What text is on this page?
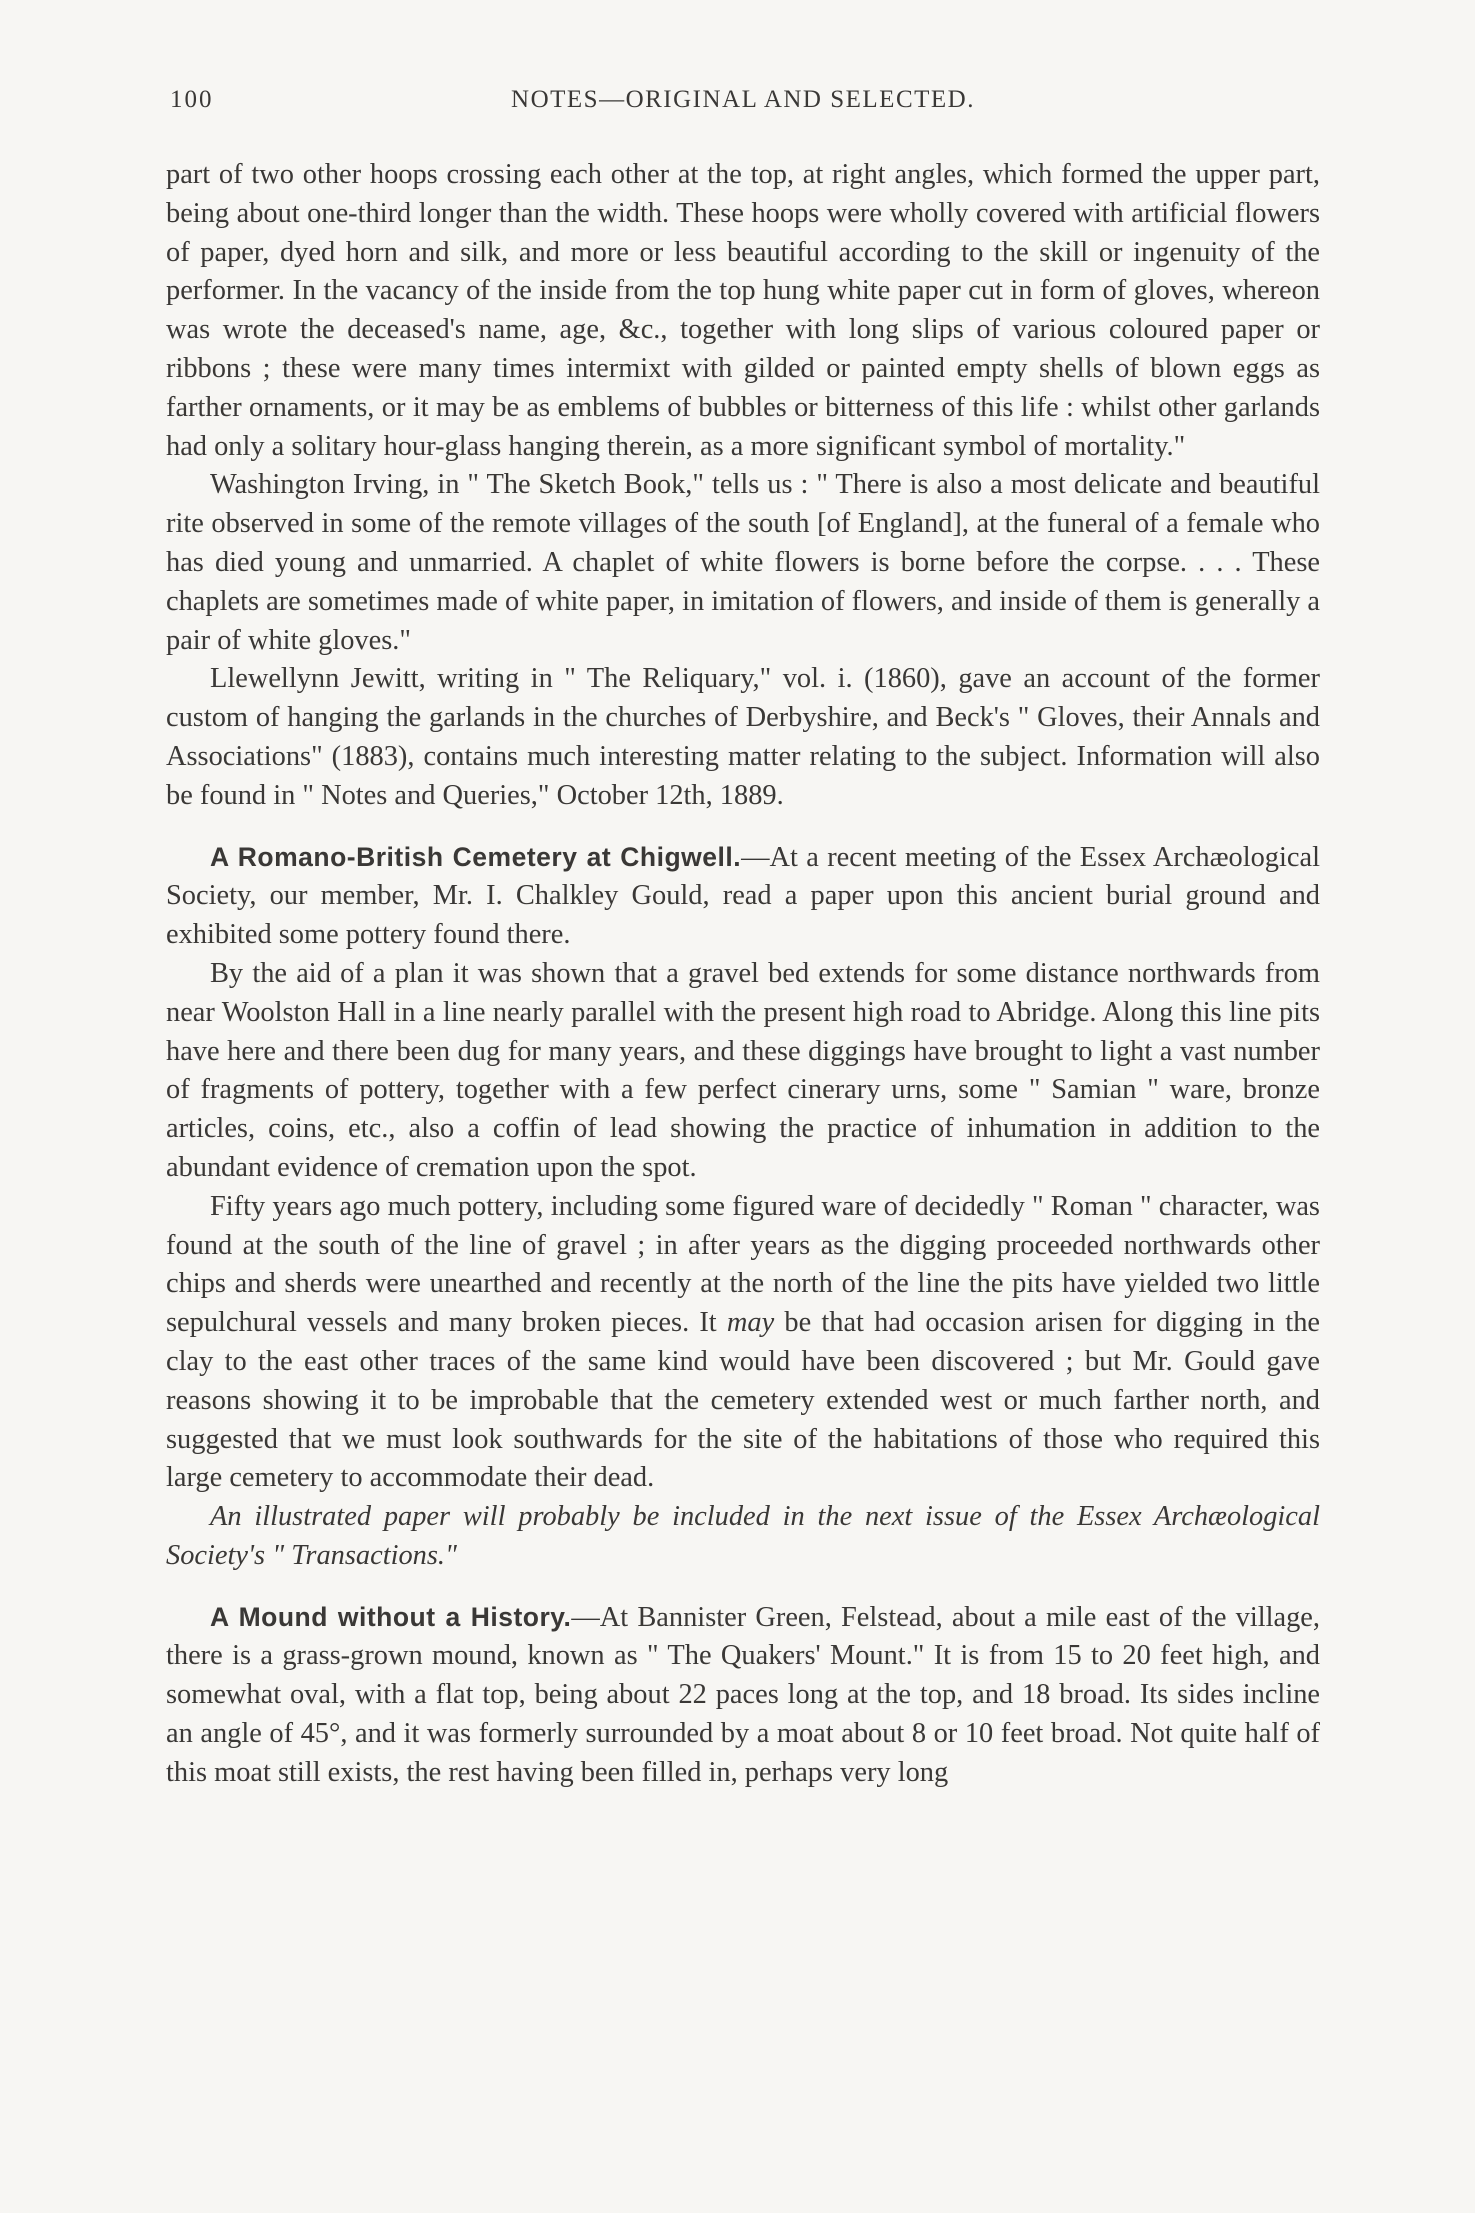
100	NOTES—ORIGINAL AND SELECTED.

part of two other hoops crossing each other at the top, at right angles, which formed the upper part, being about one-third longer than the width. These hoops were wholly covered with artificial flowers of paper, dyed horn and silk, and more or less beautiful according to the skill or ingenuity of the performer. In the vacancy of the inside from the top hung white paper cut in form of gloves, whereon was wrote the deceased's name, age, &c., together with long slips of various coloured paper or ribbons ; these were many times intermixt with gilded or painted empty shells of blown eggs as farther ornaments, or it may be as emblems of bubbles or bitterness of this life : whilst other garlands had only a solitary hour-glass hanging therein, as a more significant symbol of mortality."

Washington Irving, in " The Sketch Book," tells us : " There is also a most delicate and beautiful rite observed in some of the remote villages of the south [of England], at the funeral of a female who has died young and unmarried. A chaplet of white flowers is borne before the corpse. . . . These chaplets are sometimes made of white paper, in imitation of flowers, and inside of them is generally a pair of white gloves."

Llewellynn Jewitt, writing in " The Reliquary," vol. i. (1860), gave an account of the former custom of hanging the garlands in the churches of Derbyshire, and Beck's " Gloves, their Annals and Associations" (1883), contains much interesting matter relating to the subject. Information will also be found in " Notes and Queries," October 12th, 1889.

A Romano-British Cemetery at Chigwell.—At a recent meeting of the Essex Archæological Society, our member, Mr. I. Chalkley Gould, read a paper upon this ancient burial ground and exhibited some pottery found there.

By the aid of a plan it was shown that a gravel bed extends for some distance northwards from near Woolston Hall in a line nearly parallel with the present high road to Abridge. Along this line pits have here and there been dug for many years, and these diggings have brought to light a vast number of fragments of pottery, together with a few perfect cinerary urns, some " Samian " ware, bronze articles, coins, etc., also a coffin of lead showing the practice of inhumation in addition to the abundant evidence of cremation upon the spot.

Fifty years ago much pottery, including some figured ware of decidedly " Roman " character, was found at the south of the line of gravel ; in after years as the digging proceeded northwards other chips and sherds were unearthed and recently at the north of the line the pits have yielded two little sepulchural vessels and many broken pieces. It may be that had occasion arisen for digging in the clay to the east other traces of the same kind would have been discovered ; but Mr. Gould gave reasons showing it to be improbable that the cemetery extended west or much farther north, and suggested that we must look southwards for the site of the habitations of those who required this large cemetery to accommodate their dead.

An illustrated paper will probably be included in the next issue of the Essex Archæological Society's " Transactions."

A Mound without a History.—At Bannister Green, Felstead, about a mile east of the village, there is a grass-grown mound, known as " The Quakers' Mount." It is from 15 to 20 feet high, and somewhat oval, with a flat top, being about 22 paces long at the top, and 18 broad. Its sides incline an angle of 45°, and it was formerly surrounded by a moat about 8 or 10 feet broad. Not quite half of this moat still exists, the rest having been filled in, perhaps very long
